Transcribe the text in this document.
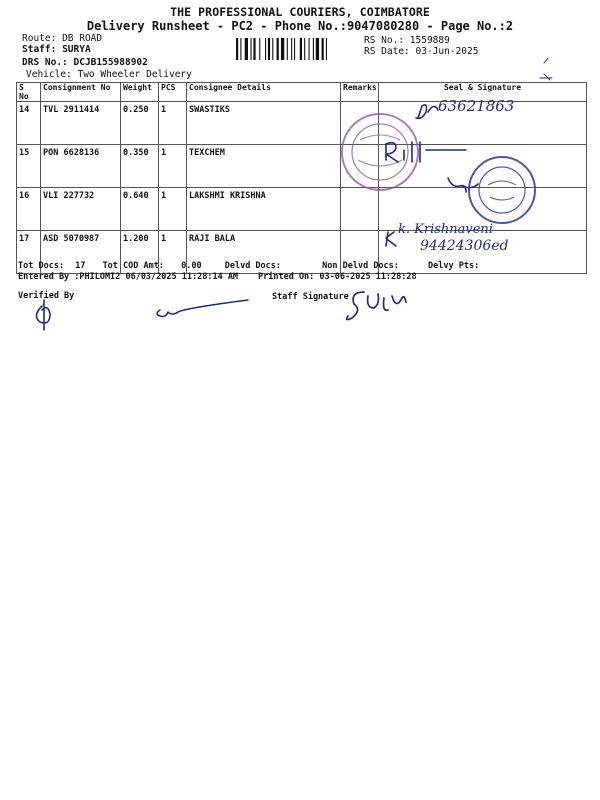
THE PROFESSIONAL COURIERS, COIMBATORE
Delivery Runsheet - PC2 - Phone No.:9047080280 - Page No.:2
Route: DB ROAD
Staff: SURYA
DRS No.: DCJB155988902
Vehicle: Two Wheeler Delivery
RS No.: 1559889
RS Date: 03-Jun-2025
S No	Consignment No	Weight	PCS	Consignee Details	Remarks	Seal & Signature
14	TVL 2911414	0.250	1	SWASTIKS		
15	PON 6628136	0.350	1	TEXCHEM		
16	VLI 227732	0.640	1	LAKSHMI KRISHNA		
17	ASD 5070987	1.200	1	RAJI BALA		
Tot Docs: 17 Tot COD Amt: 0.00	Delvd Docs:	Non Delvd Docs:	Delvy Pts:
Entered By :PHILOMI2 06/03/2025 11:28:14 AM Printed On: 03-06-2025 11:28:28
Verified By	Staff Signature
63621863
k. Krishnaveni
94424306ed
